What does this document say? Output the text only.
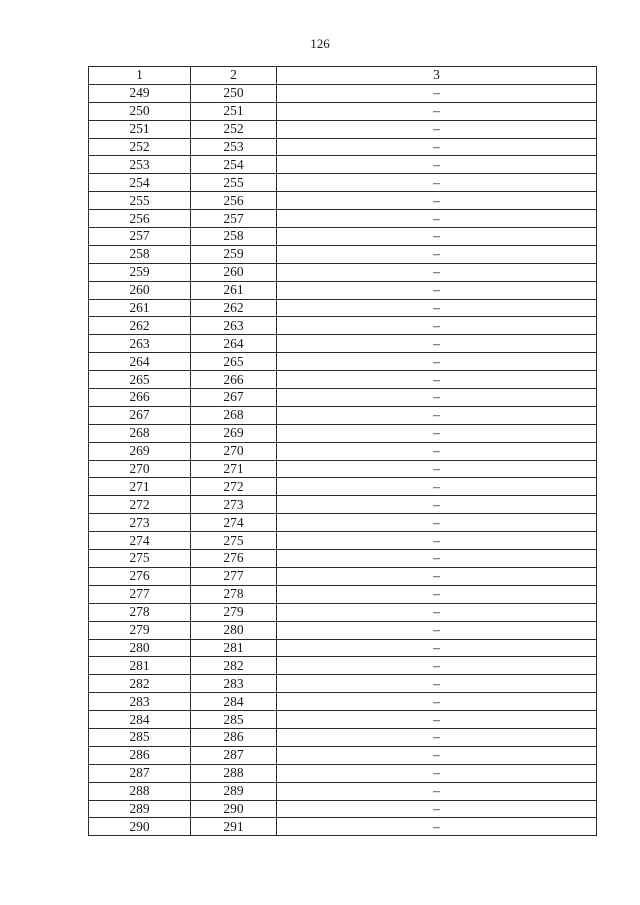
126
1	2	3
249	250	–
250	251	–
251	252	–
252	253	–
253	254	–
254	255	–
255	256	–
256	257	–
257	258	–
258	259	–
259	260	–
260	261	–
261	262	–
262	263	–
263	264	–
264	265	–
265	266	–
266	267	–
267	268	–
268	269	–
269	270	–
270	271	–
271	272	–
272	273	–
273	274	–
274	275	–
275	276	–
276	277	–
277	278	–
278	279	–
279	280	–
280	281	–
281	282	–
282	283	–
283	284	–
284	285	–
285	286	–
286	287	–
287	288	–
288	289	–
289	290	–
290	291	–
